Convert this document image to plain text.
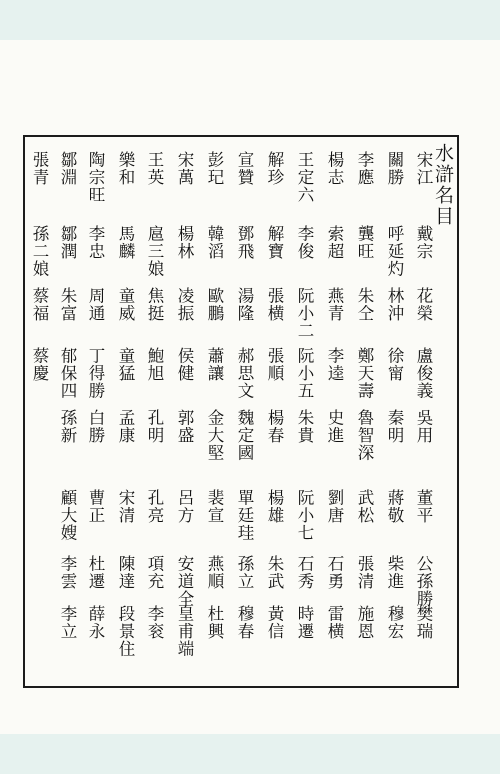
水滸名目
宋江
戴宗
花榮
盧俊義
吳用
董平
公孫勝
樊瑞
關勝
呼延灼
林沖
徐甯
秦明
蔣敬
柴進
穆宏
李應
龔旺
朱仝
鄭天壽
魯智深
武松
張清
施恩
楊志
索超
燕青
李逵
史進
劉唐
石勇
雷横
王定六
李俊
阮小二
阮小五
朱貴
阮小七
石秀
時遷
解珍
解寶
張横
張順
楊春
楊雄
朱武
黃信
宣贊
鄧飛
湯隆
郝思文
魏定國
單廷珪
孫立
穆春
彭玘
韓滔
歐鵬
蕭讓
金大堅
裴宣
燕順
杜興
宋萬
楊林
凌振
侯健
郭盛
呂方
安道全
皇甫端
王英
扈三娘
焦挺
鮑旭
孔明
孔亮
項充
李衮
樂和
馬麟
童威
童猛
孟康
宋清
陳達
段景住
陶宗旺
李忠
周通
丁得勝
白勝
曹正
杜遷
薛永
鄒淵
鄒潤
朱富
郁保四
孫新
顧大嫂
李雲
李立
張青
孫二娘
蔡福
蔡慶
